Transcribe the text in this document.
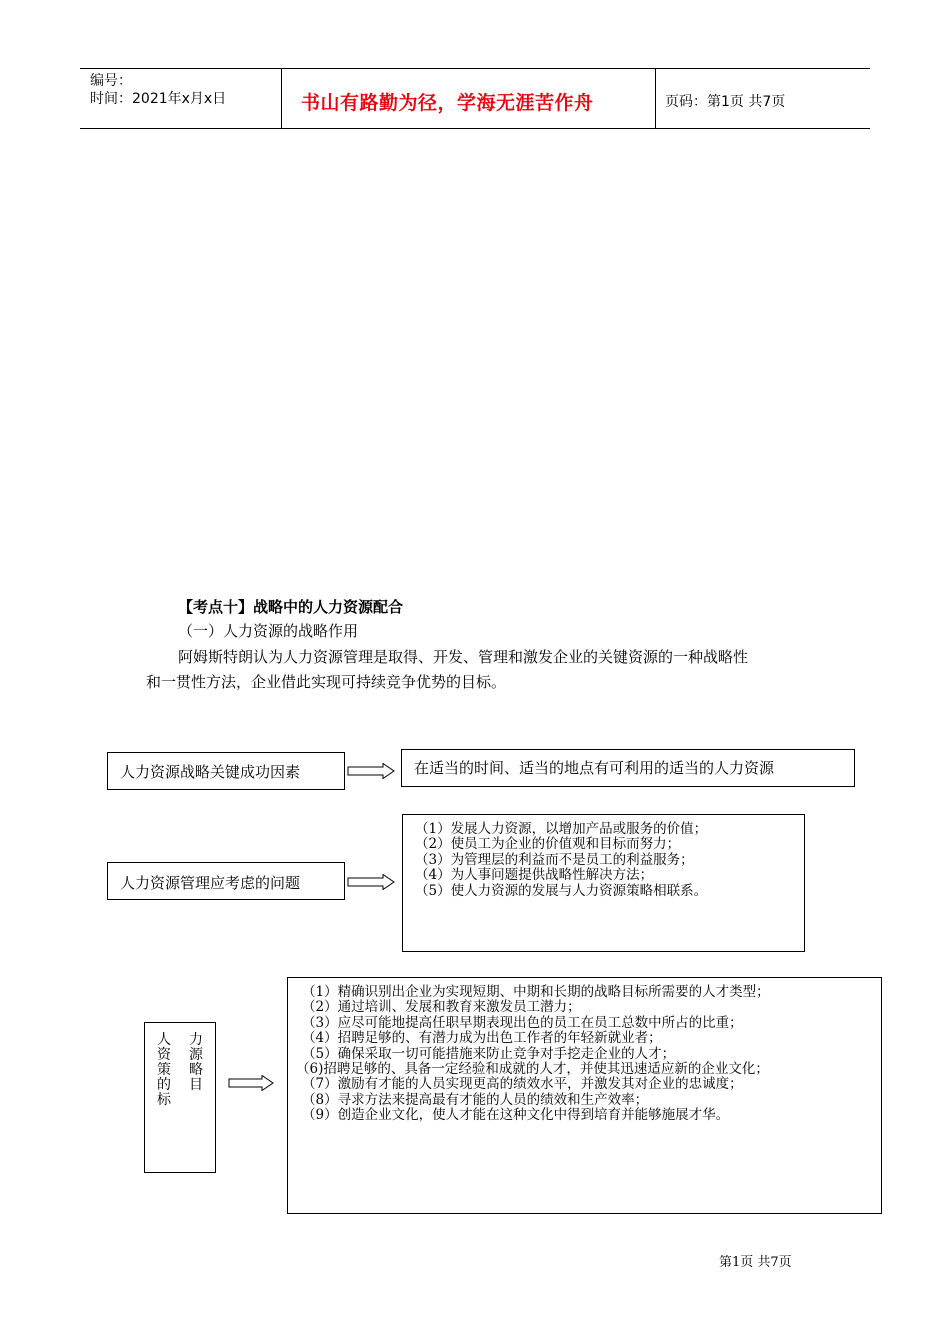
编号：
时间：2021年x月x日	书山有路勤为径，学海无涯苦作舟	页码：第1页 共7页
【考点十】战略中的人力资源配合
（一）人力资源的战略作用
阿姆斯特朗认为人力资源管理是取得、开发、管理和激发企业的关键资源的一种战略性
和一贯性方法，企业借此实现可持续竞争优势的目标。
人力资源战略关键成功因素	在适当的时间、适当的地点有可利用的适当的人力资源
人力资源管理应考虑的问题
（1）发展人力资源，以增加产品或服务的价值；
（2）使员工为企业的价值观和目标而努力；
（3）为管理层的利益而不是员工的利益服务；
（4）为人事问题提供战略性解决方法；
（5）使人力资源的发展与人力资源策略相联系。
人
资
策
的
标
力
源
略
目
（1）精确识别出企业为实现短期、中期和长期的战略目标所需要的人才类型；
（2）通过培训、发展和教育来激发员工潜力；
（3）应尽可能地提高任职早期表现出色的员工在员工总数中所占的比重；
（4）招聘足够的、有潜力成为出色工作者的年轻新就业者；
（5）确保采取一切可能措施来防止竞争对手挖走企业的人才；
（6)招聘足够的、具备一定经验和成就的人才，并使其迅速适应新的企业文化；
（7）激励有才能的人员实现更高的绩效水平，并激发其对企业的忠诚度；
（8）寻求方法来提高最有才能的人员的绩效和生产效率；
（9）创造企业文化，使人才能在这种文化中得到培育并能够施展才华。
第1页 共7页
